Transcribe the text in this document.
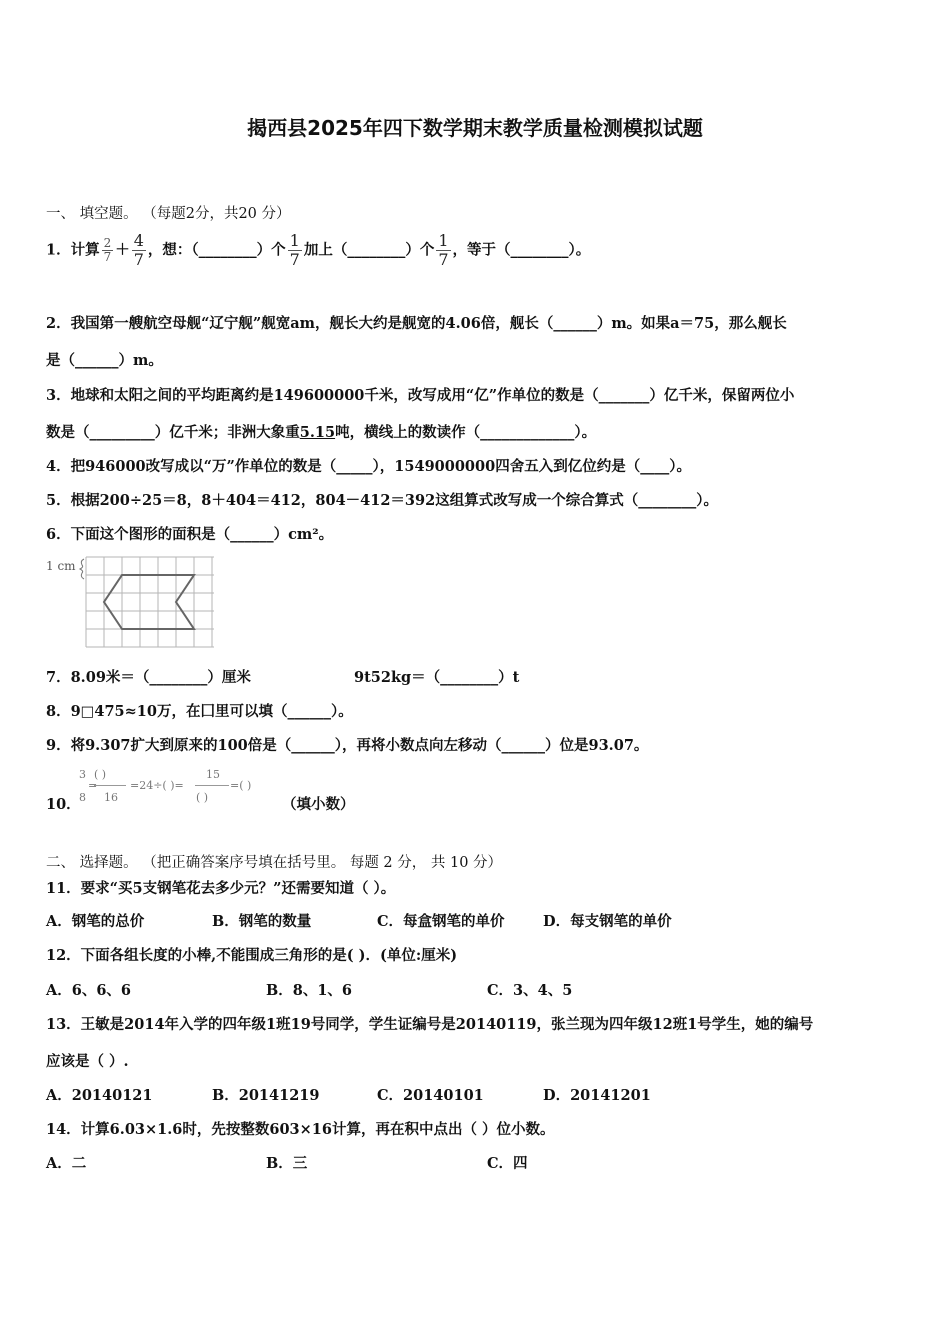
揭西县2025年四下数学期末教学质量检测模拟试题
一、 填空题。 （每题2分，共20 分）
1．计算 $\frac{2}{7} + \frac{4}{7}$ ，想：（________）个 $\frac{1}{7}$ 加上（________）个 $\frac{1}{7}$ ，等于（________）。
2．我国第一艘航空母舰“辽宁舰”舰宽am，舰长大约是舰宽的4.06倍，舰长（______）m。如果a＝75，那么舰长
是（______）m。
3．地球和太阳之间的平均距离约是149600000千米，改写成用“亿”作单位的数是（_______）亿千米，保留两位小
数是（_________）亿千米；非洲大象重5.15吨，横线上的数读作（_____________）。
4．把946000改写成以“万”作单位的数是（_____），1549000000四舍五入到亿位约是（____）。
5．根据200÷25＝8，8＋404＝412，804－412＝392这组算式改写成一个综合算式（________）。
6．下面这个图形的面积是（______）cm²。
1 cm
7．8.09米＝（________）厘米	9t52kg＝（________）t
8．9□475≈10万，在囗里可以填（______）。
9．将9.307扩大到原来的100倍是（______），再将小数点向左移动（______）位是93.07。
10．
3
8
=
( )
16
=24÷( )=
15
( )
=( )
（填小数）
二、 选择题。 （把正确答案序号填在括号里。 每题 2 分， 共 10 分）
11．要求“买5支钢笔花去多少元？”还需要知道（ ）。
A．钢笔的总价	B．钢笔的数量	C．每盒钢笔的单价	D．每支钢笔的单价
12．下面各组长度的小棒,不能围成三角形的是( )．(单位:厘米)
A．6、6、6	B．8、1、6	C．3、4、5
13．王敏是2014年入学的四年级1班19号同学，学生证编号是20140119，张兰现为四年级12班1号学生，她的编号
应该是（ ）.
A．20140121	B．20141219	C．20140101	D．20141201
14．计算6.03×1.6时，先按整数603×16计算，再在积中点出（ ）位小数。
A．二	B．三	C．四
